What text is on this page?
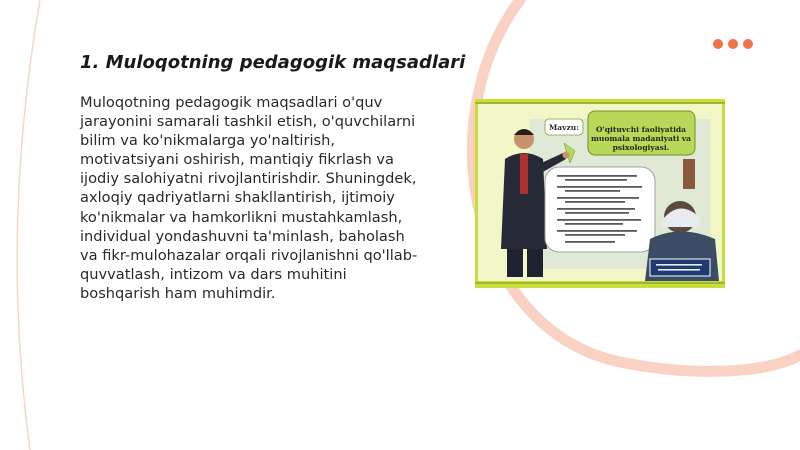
1. Muloqotning pedagogik maqsadlari

Muloqotning pedagogik maqsadlari o'quv jarayonini samarali tashkil etish, o'quvchilarni bilim va ko'nikmalarga yo'naltirish, motivatsiyani oshirish, mantiqiy fikrlash va ijodiy salohiyatni rivojlantirishdir. Shuningdek, axloqiy qadriyatlarni shakllantirish, ijtimoiy ko'nikmalar va hamkorlikni mustahkamlash, individual yondashuvni ta'minlash, baholash va fikr-mulohazalar orqali rivojlanishni qo'llab-quvvatlash, intizom va dars muhitini boshqarish ham muhimdir.

O'qituvchi faoliyatida
muomala madaniyati va
psixologiyasi.
Mavzu:
